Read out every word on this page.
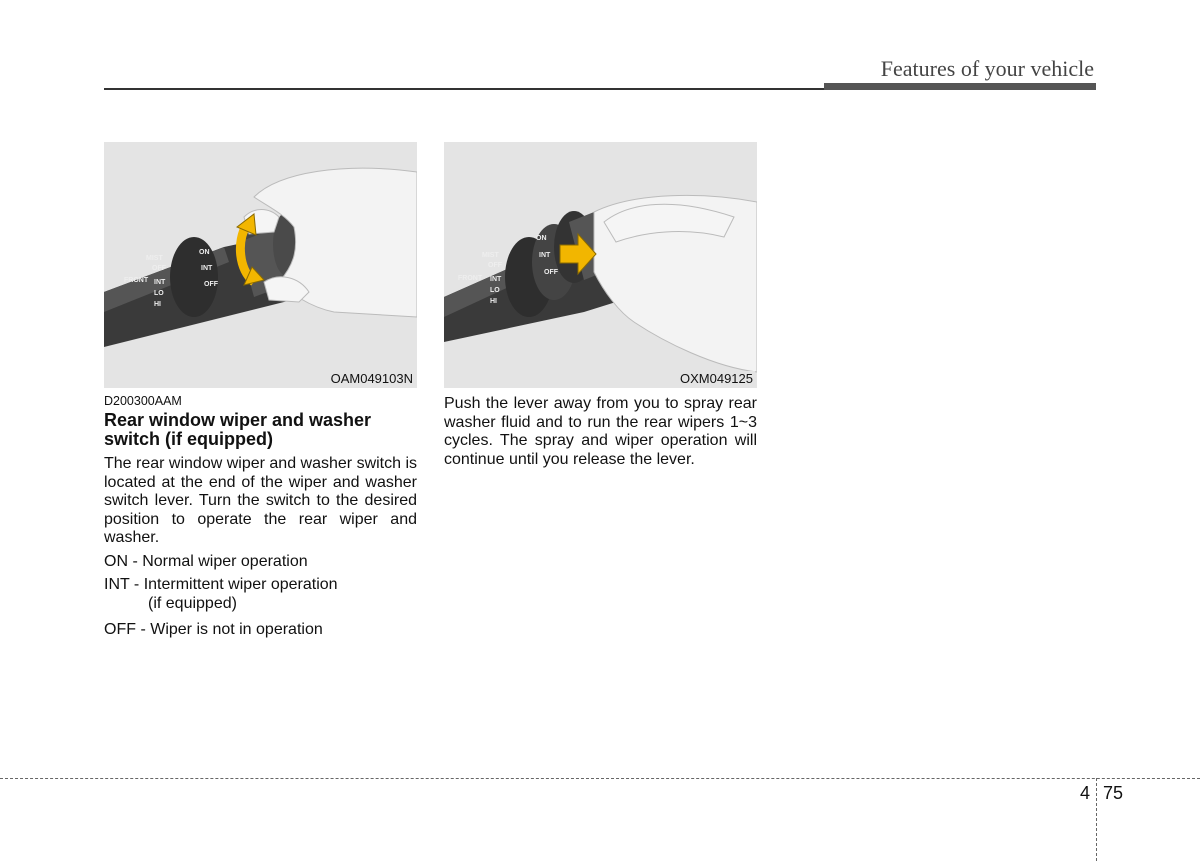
Features of your vehicle
MIST
OFF
INT
LO
HI
FRONT
ON
INT
OFF
OAM049103N
MIST
OFF
INT
LO
HI
FRONT
ON
INT
OFF
OXM049125
D200300AAM
Rear window wiper and washer switch (if equipped)
The rear window wiper and washer switch is located at the end of the wiper and washer switch lever. Turn the switch to the desired position to operate the rear wiper and washer.
ON - Normal wiper operation
INT - Intermittent wiper operation
(if equipped)
OFF - Wiper is not in operation
Push the lever away from you to spray rear washer fluid and to run the rear wipers 1~3 cycles. The spray and wiper operation will continue until you release the lever.
4 75
